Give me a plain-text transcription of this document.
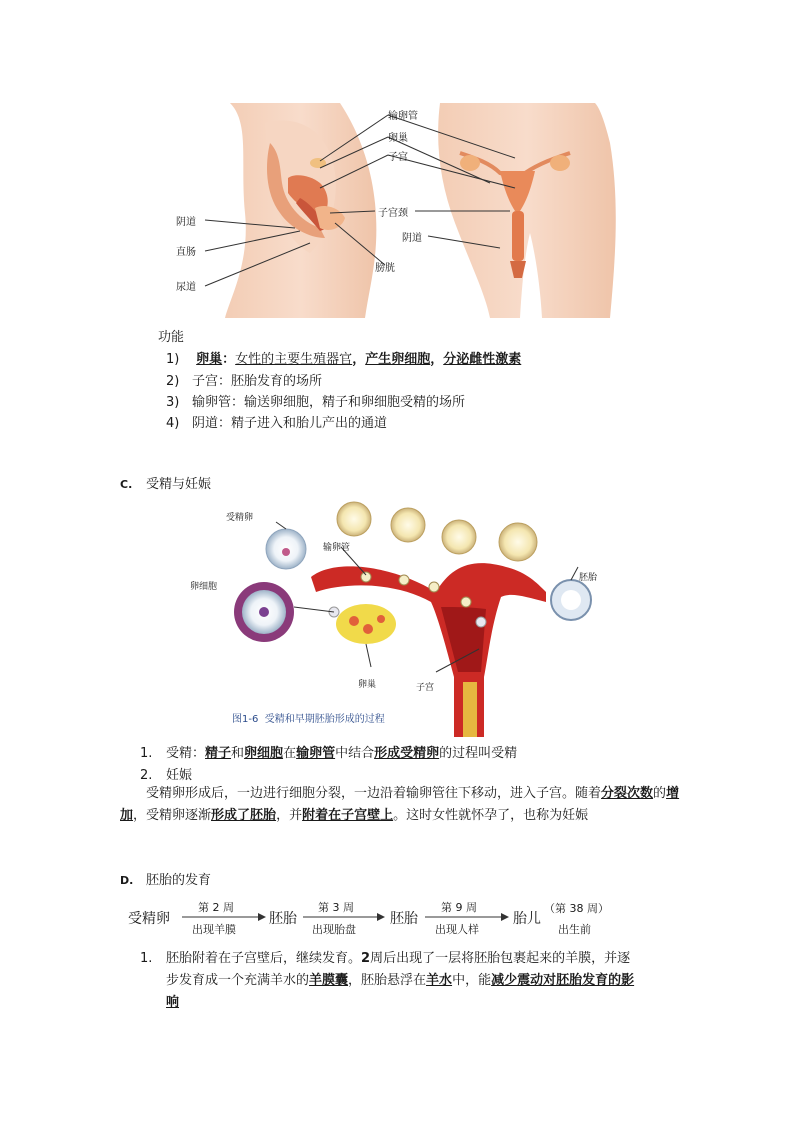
阴道
直肠
尿道
输卵管
卵巢
子宫
子宫颈
阴道
膀胱
功能
1) 卵巢：女性的主要生殖器官，产生卵细胞，分泌雌性激素
2) 子宫：胚胎发育的场所
3) 输卵管：输送卵细胞，精子和卵细胞受精的场所
4) 阴道：精子进入和胎儿产出的通道
C. 受精与妊娠
受精卵
输卵管
卵细胞
胚胎
卵巢	子宫
图1-6 受精和早期胚胎形成的过程
1. 受精：精子和卵细胞在输卵管中结合形成受精卵的过程叫受精
2. 妊娠
受精卵形成后，一边进行细胞分裂，一边沿着输卵管往下移动，进入子宫。随着分裂次数的增加，受精卵逐渐形成了胚胎，并附着在子宫壁上。这时女性就怀孕了，也称为妊娠
D. 胚胎的发育
受精卵
第 2 周
出现羊膜
胚胎
第 3 周
出现胎盘
胚胎
第 9 周
出现人样
胎儿
（第 38 周）
出生前
1. 胚胎附着在子宫壁后，继续发育。2周后出现了一层将胚胎包裹起来的羊膜，并逐
步发育成一个充满羊水的羊膜囊，胚胎悬浮在羊水中，能减少震动对胚胎发育的影
响
